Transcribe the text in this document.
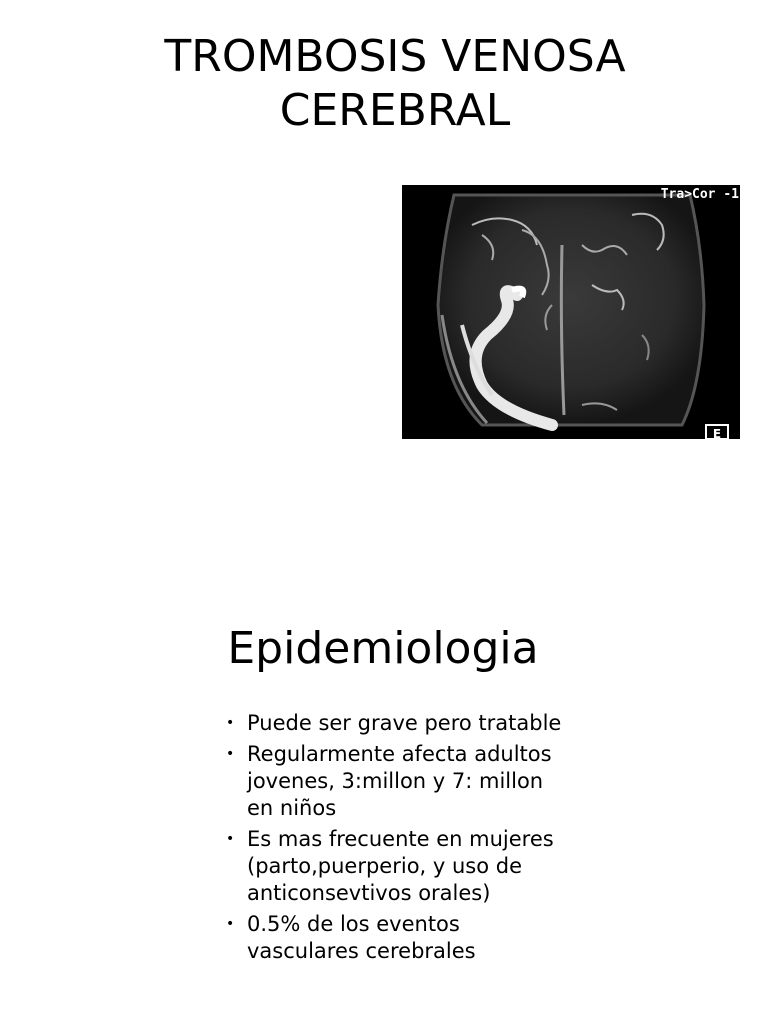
TROMBOSIS VENOSA
CEREBRAL
Tra>Cor -1
E
Epidemiologia
• Puede ser grave pero tratable
• Regularmente afecta adultos jovenes, 3:millon y 7: millon en niños
• Es mas frecuente en mujeres (parto,puerperio, y uso de anticonsevtivos orales)
• 0.5% de los eventos vasculares cerebrales
